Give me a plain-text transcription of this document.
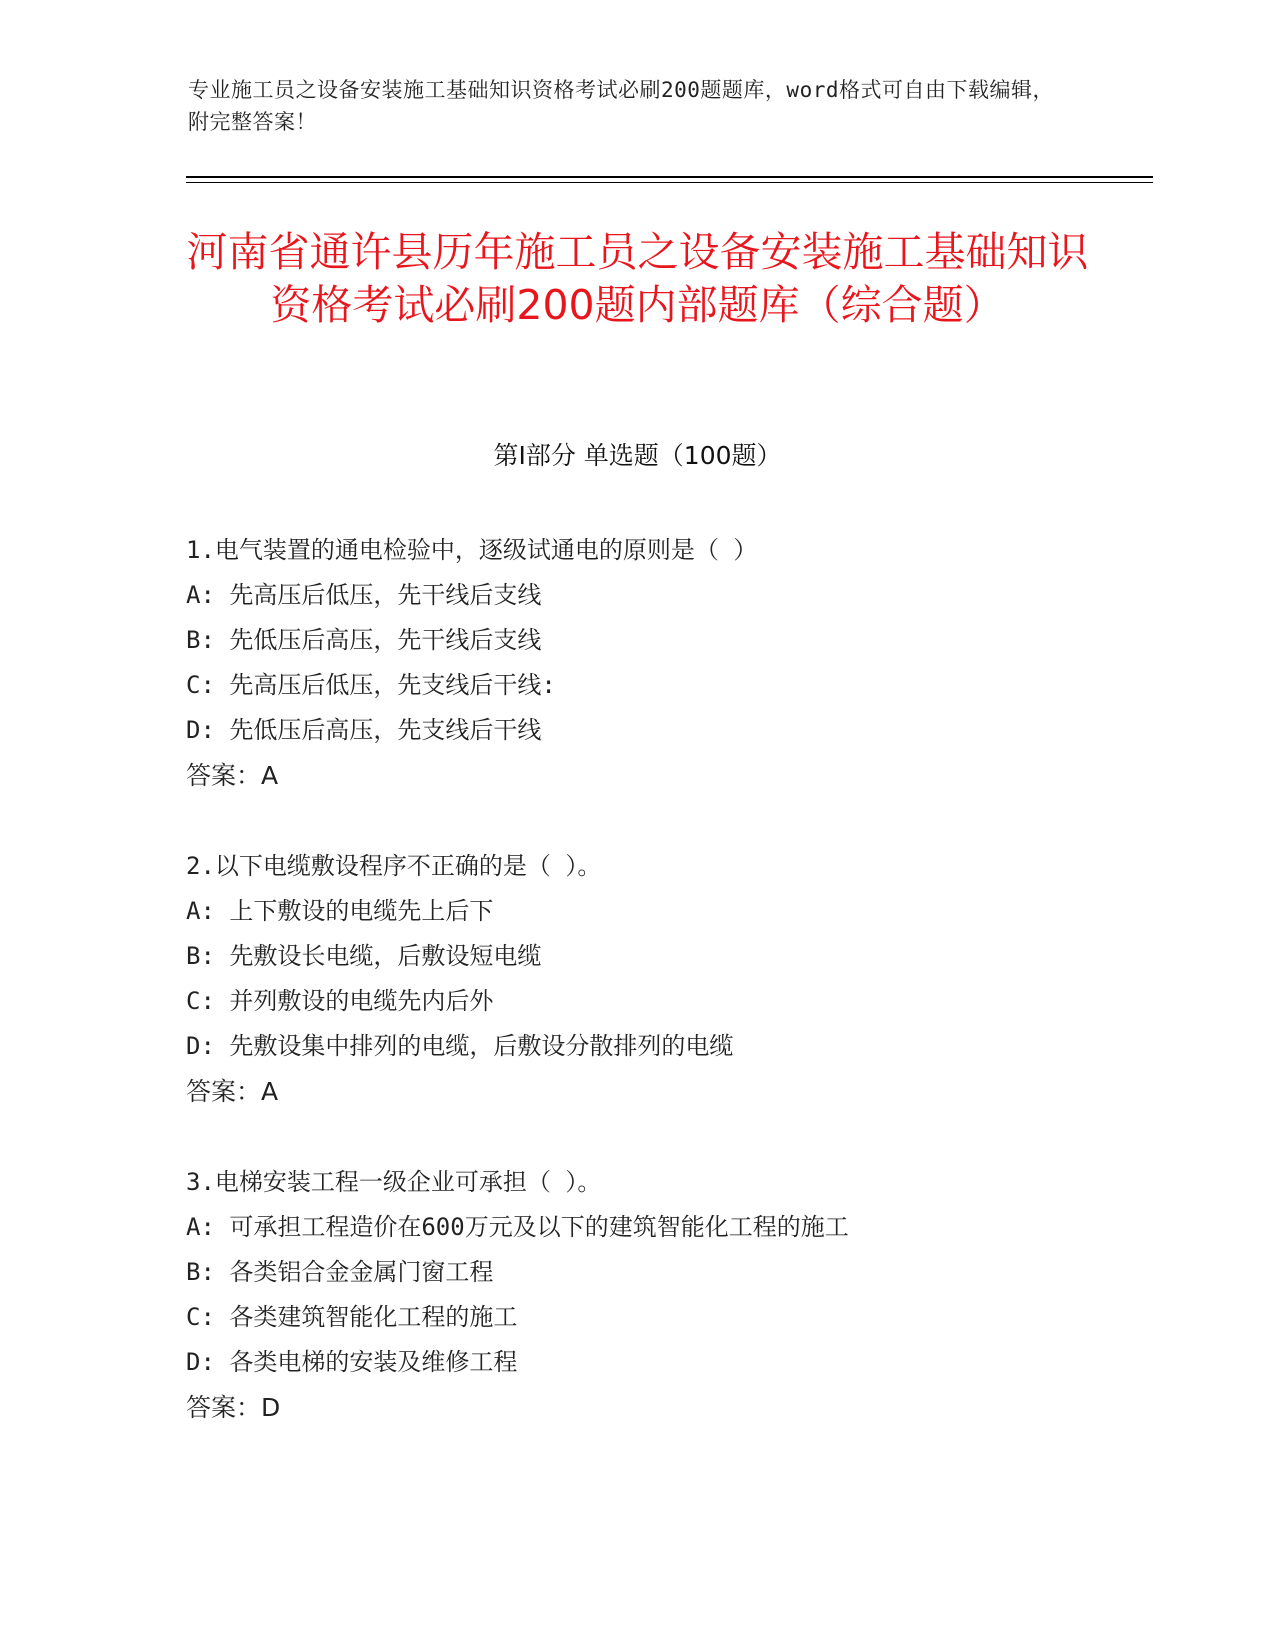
专业施工员之设备安装施工基础知识资格考试必刷200题题库，word格式可自由下载编辑，附完整答案！
河南省通许县历年施工员之设备安装施工基础知识资格考试必刷200题内部题库（综合题）
第Ⅰ部分 单选题（100题）
1.电气装置的通电检验中，逐级试通电的原则是（ ）
A: 先高压后低压，先干线后支线
B: 先低压后高压，先干线后支线
C: 先高压后低压，先支线后干线:
D: 先低压后高压，先支线后干线
答案：A
2.以下电缆敷设程序不正确的是（ ）。
A: 上下敷设的电缆先上后下
B: 先敷设长电缆，后敷设短电缆
C: 并列敷设的电缆先内后外
D: 先敷设集中排列的电缆，后敷设分散排列的电缆
答案：A
3.电梯安装工程一级企业可承担（ ）。
A: 可承担工程造价在600万元及以下的建筑智能化工程的施工
B: 各类铝合金金属门窗工程
C: 各类建筑智能化工程的施工
D: 各类电梯的安装及维修工程
答案：D
